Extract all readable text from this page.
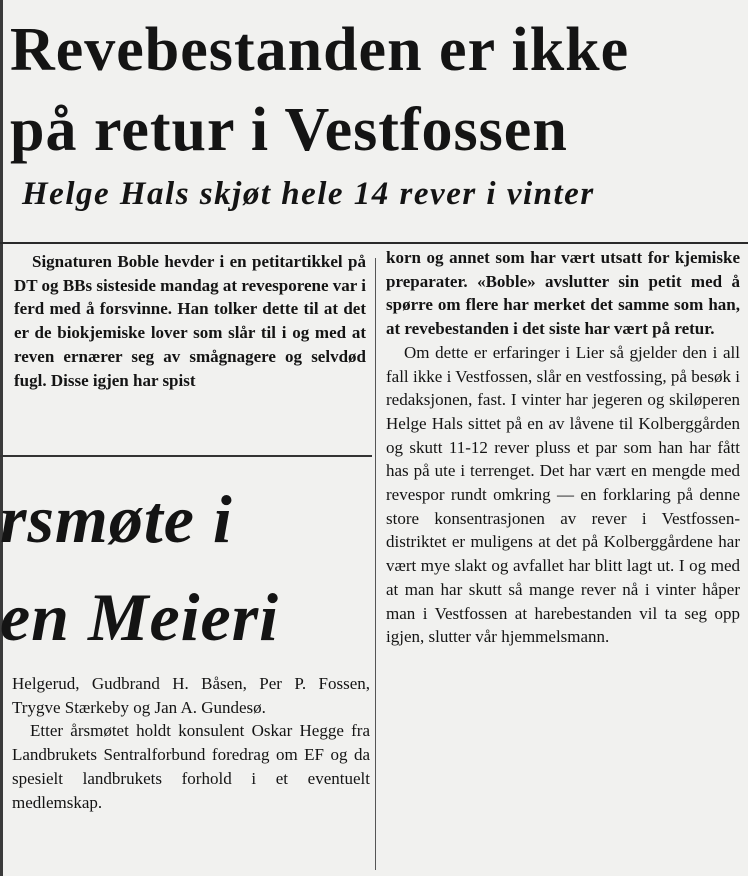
Revebestanden er ikke
på retur i Vestfossen
Helge Hals skjøt hele 14 rever i vinter

Signaturen Boble hevder i en petitartikkel på DT og BBs sisteside mandag at revesporene var i ferd med å forsvinne. Han tolker dette til at det er de biokjemiske lover som slår til i og med at reven ernærer seg av smågnagere og selvdød fugl. Disse igjen har spist

korn og annet som har vært utsatt for kjemiske preparater. «Boble» avslutter sin petit med å spørre om flere har merket det samme som han, at revebestanden i det siste har vært på retur.

Om dette er erfaringer i Lier så gjelder den i all fall ikke i Vestfossen, slår en vestfossing, på besøk i redaksjonen, fast. I vinter har jegeren og skiløperen Helge Hals sittet på en av låvene til Kolberggården og skutt 11-12 rever pluss et par som han har fått has på ute i terrenget. Det har vært en mengde med revespor rundt omkring — en forklaring på denne store konsentrasjonen av rever i Vestfossen-distriktet er muligens at det på Kolberggårdene har vært mye slakt og avfallet har blitt lagt ut. I og med at man har skutt så mange rever nå i vinter håper man i Vestfossen at harebestanden vil ta seg opp igjen, slutter vår hjemmelsmann.

rsmøte i
en Meieri

Helgerud, Gudbrand H. Båsen, Per P. Fossen, Trygve Stærkeby og Jan A. Gundesø.

Etter årsmøtet holdt konsulent Oskar Hegge fra Landbrukets Sentralforbund foredrag om EF og da spesielt landbrukets forhold i et eventuelt medlemskap.
